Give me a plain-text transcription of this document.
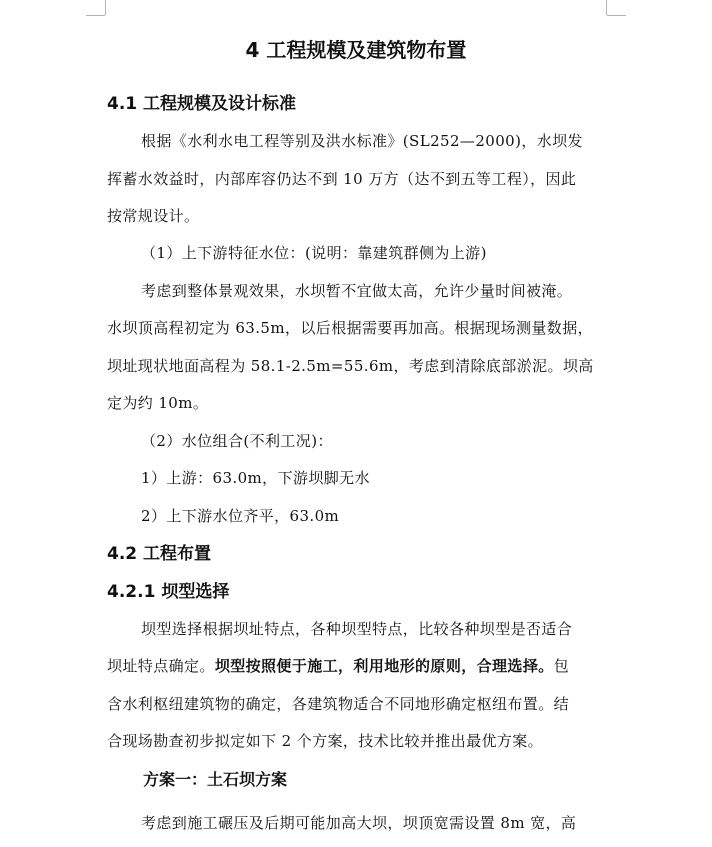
4 工程规模及建筑物布置
4.1 工程规模及设计标准
根据《水利水电工程等别及洪水标准》(SL252—2000)，水坝发
挥蓄水效益时，内部库容仍达不到 10 万方（达不到五等工程），因此
按常规设计。
（1）上下游特征水位：(说明：靠建筑群侧为上游)
考虑到整体景观效果，水坝暂不宜做太高，允许少量时间被淹。
水坝顶高程初定为 63.5m，以后根据需要再加高。根据现场测量数据，
坝址现状地面高程为 58.1-2.5m=55.6m，考虑到清除底部淤泥。坝高
定为约 10m。
（2）水位组合(不利工况)：
1）上游：63.0m，下游坝脚无水
2）上下游水位齐平，63.0m
4.2 工程布置
4.2.1 坝型选择
坝型选择根据坝址特点，各种坝型特点，比较各种坝型是否适合
坝址特点确定。坝型按照便于施工，利用地形的原则，合理选择。包
含水利枢纽建筑物的确定，各建筑物适合不同地形确定枢纽布置。结
合现场勘查初步拟定如下 2 个方案，技术比较并推出最优方案。
方案一：土石坝方案
考虑到施工碾压及后期可能加高大坝，坝顶宽需设置 8m 宽，高
